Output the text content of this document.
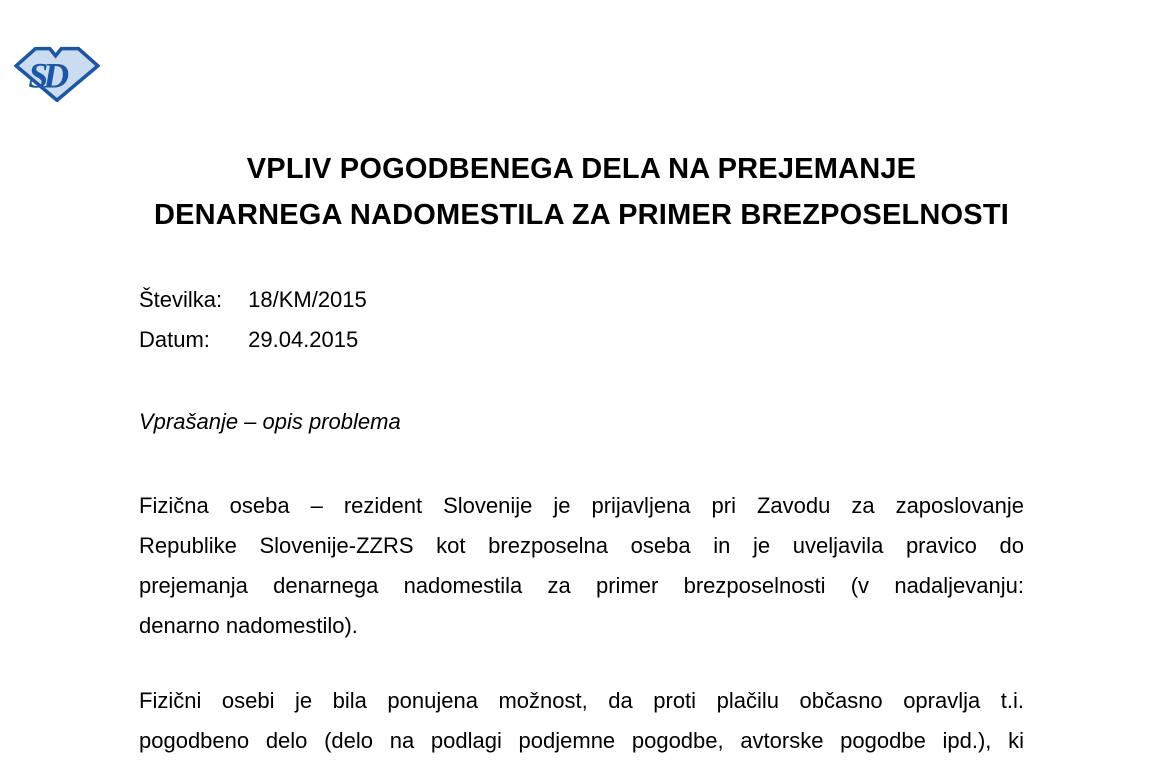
SD
VPLIV POGODBENEGA DELA NA PREJEMANJE
DENARNEGA NADOMESTILA ZA PRIMER BREZPOSELNOSTI
Številka: 18/KM/2015
Datum: 29.04.2015
Vprašanje – opis problema
Fizična oseba – rezident Slovenije je prijavljena pri Zavodu za zaposlovanje
Republike Slovenije-ZZRS kot brezposelna oseba in je uveljavila pravico do
prejemanja denarnega nadomestila za primer brezposelnosti (v nadaljevanju:
denarno nadomestilo).
Fizični osebi je bila ponujena možnost, da proti plačilu občasno opravlja t.i.
pogodbeno delo (delo na podlagi podjemne pogodbe, avtorske pogodbe ipd.), ki
